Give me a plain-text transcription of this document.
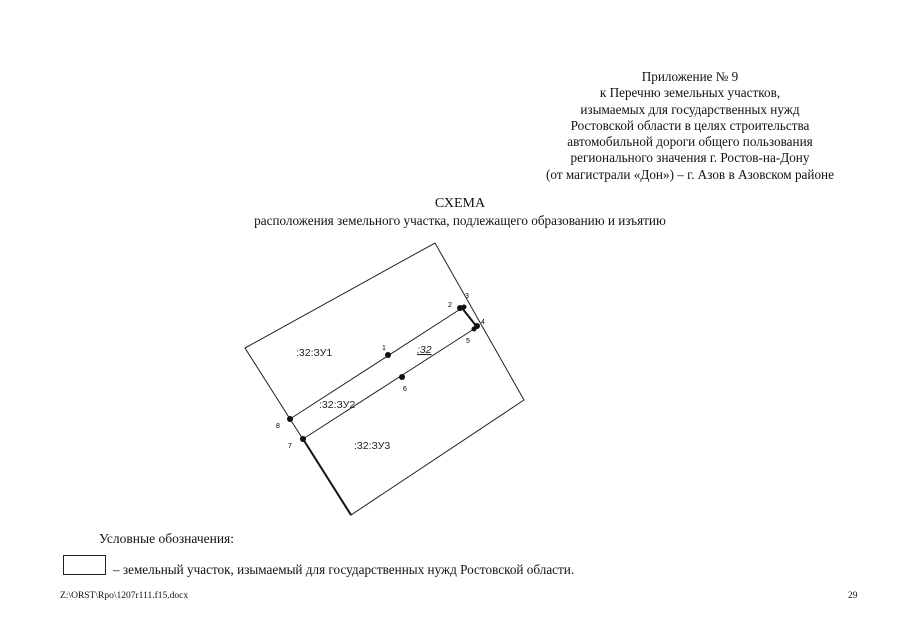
Приложение № 9
к Перечню земельных участков,
изымаемых для государственных нужд
Ростовской области в целях строительства
автомобильной дороги общего пользования
регионального значения г. Ростов-на-Дону
(от магистрали «Дон») – г. Азов в Азовском районе
СХЕМА
расположения земельного участка, подлежащего образованию и изъятию
1
2
3
4
5
6
7
8
:32:ЗУ1
:32:ЗУ2
:32:ЗУ3
:32
Условные обозначения:
– земельный участок, изымаемый для государственных нужд Ростовской области.
Z:\ORST\Rpo\1207r111.f15.docx	29
